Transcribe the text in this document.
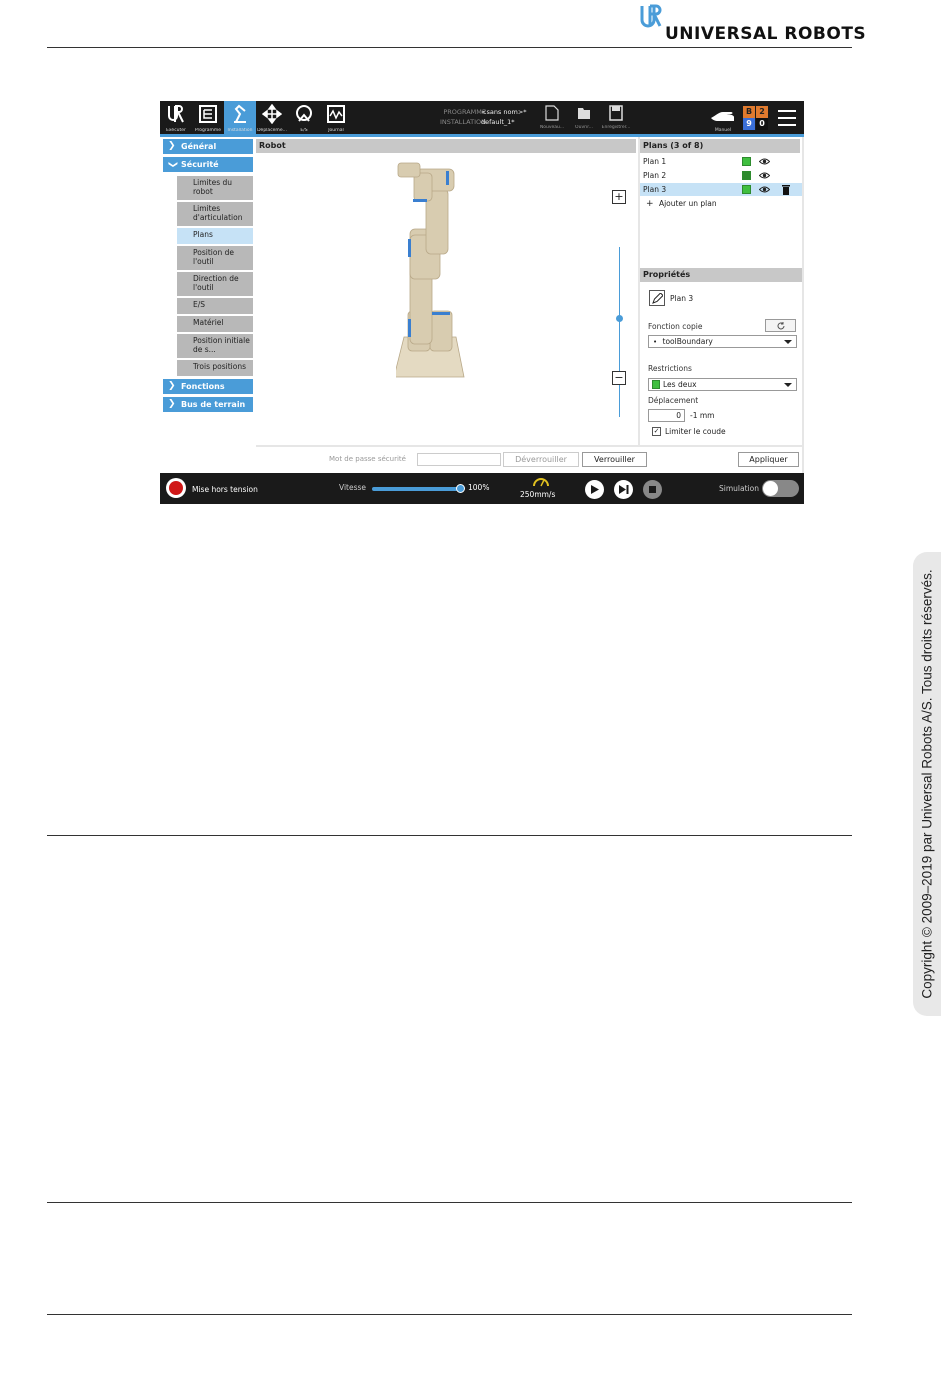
UNIVERSAL ROBOTS
Exécuter	Programme	Installation	Déplaceme...	E/S	Journal
PROGRAMME
INSTALLATION
<sans nom>*
default_1*
Nouveau...	Ouvrir...	Enregistrer...
Manuel
B 2
9 0
❯ Général
❯ Sécurité
Limites du robot
Limites d'articulation
Plans
Position de l'outil
Direction de l'outil
E/S
Matériel
Position initiale de s...
Trois positions
❯ Fonctions
❯ Bus de terrain
Robot
+
−
Plans (3 of 8)
Plan 1
Plan 2
Plan 3
+ Ajouter un plan
Propriétés
Plan 3
Fonction copie
• toolBoundary
Restrictions
Les deux
Déplacement
0	-1 mm
✓ Limiter le coude
Mot de passe sécurité	Déverrouiller	Verrouiller	Appliquer
Mise hors tension	Vitesse	100%
250mm/s
Simulation
Copyright © 2009–2019 par Universal Robots A/S. Tous droits réservés.
